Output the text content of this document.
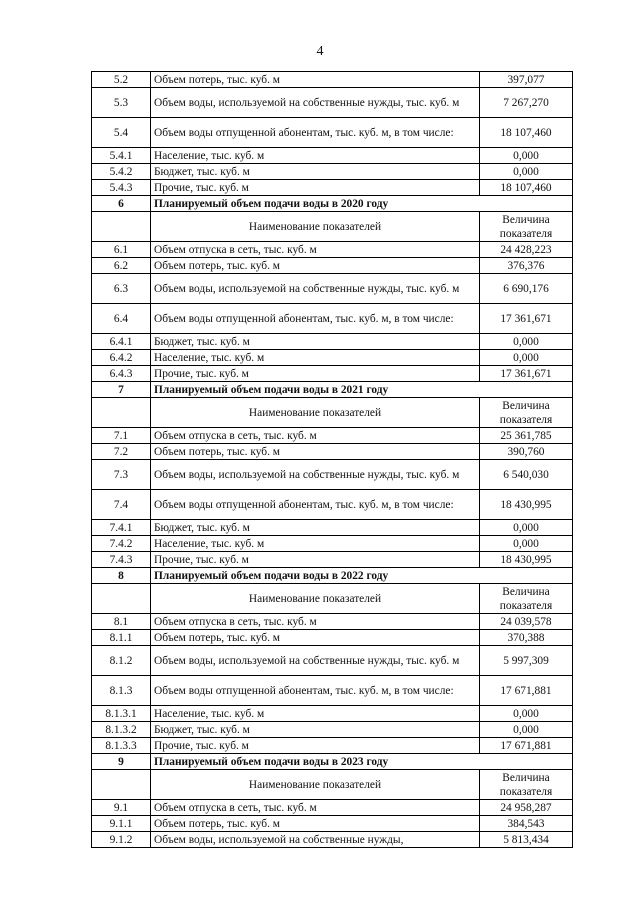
4
5.2	Объем потерь, тыс. куб. м	397,077
5.3	Объем воды, используемой на собственные нужды, тыс. куб. м	7 267,270
5.4	Объем воды отпущенной абонентам, тыс. куб. м, в том числе:	18 107,460
5.4.1	Население, тыс. куб. м	0,000
5.4.2	Бюджет, тыс. куб. м	0,000
5.4.3	Прочие, тыс. куб. м	18 107,460
6	Планируемый объем подачи воды в 2020 году	
	Наименование показателей	Величина показателя
6.1	Объем отпуска в сеть, тыс. куб. м	24 428,223
6.2	Объем потерь, тыс. куб. м	376,376
6.3	Объем воды, используемой на собственные нужды, тыс. куб. м	6 690,176
6.4	Объем воды отпущенной абонентам, тыс. куб. м, в том числе:	17 361,671
6.4.1	Бюджет, тыс. куб. м	0,000
6.4.2	Население, тыс. куб. м	0,000
6.4.3	Прочие, тыс. куб. м	17 361,671
7	Планируемый объем подачи воды в 2021 году	
	Наименование показателей	Величина показателя
7.1	Объем отпуска в сеть, тыс. куб. м	25 361,785
7.2	Объем потерь, тыс. куб. м	390,760
7.3	Объем воды, используемой на собственные нужды, тыс. куб. м	6 540,030
7.4	Объем воды отпущенной абонентам, тыс. куб. м, в том числе:	18 430,995
7.4.1	Бюджет, тыс. куб. м	0,000
7.4.2	Население, тыс. куб. м	0,000
7.4.3	Прочие, тыс. куб. м	18 430,995
8	Планируемый объем подачи воды в 2022 году	
	Наименование показателей	Величина показателя
8.1	Объем отпуска в сеть, тыс. куб. м	24 039,578
8.1.1	Объем потерь, тыс. куб. м	370,388
8.1.2	Объем воды, используемой на собственные нужды, тыс. куб. м	5 997,309
8.1.3	Объем воды отпущенной абонентам, тыс. куб. м, в том числе:	17 671,881
8.1.3.1	Население, тыс. куб. м	0,000
8.1.3.2	Бюджет, тыс. куб. м	0,000
8.1.3.3	Прочие, тыс. куб. м	17 671,881
9	Планируемый объем подачи воды в 2023 году	
	Наименование показателей	Величина показателя
9.1	Объем отпуска в сеть, тыс. куб. м	24 958,287
9.1.1	Объем потерь, тыс. куб. м	384,543
9.1.2	Объем воды, используемой на собственные нужды,	5 813,434
